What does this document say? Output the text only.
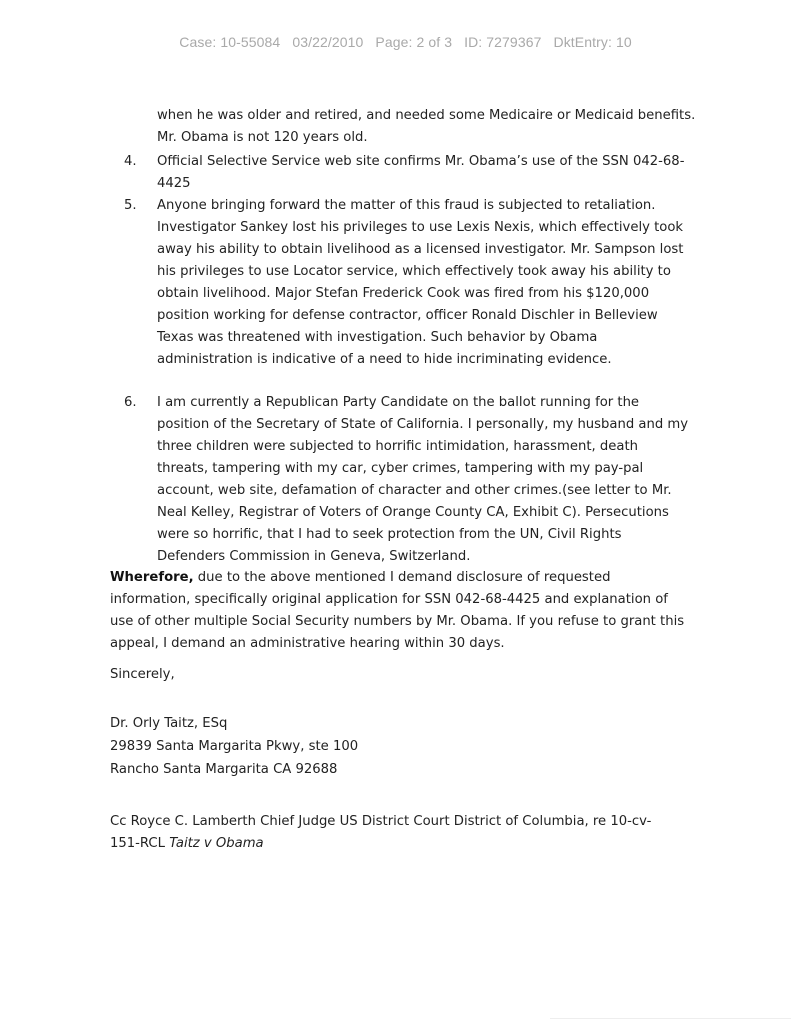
Case: 10-55084 03/22/2010 Page: 2 of 3 ID: 7279367 DktEntry: 10
when he was older and retired, and needed some Medicaire or Medicaid benefits. Mr. Obama is not 120 years old.
4.	Official Selective Service web site confirms Mr. Obama’s use of the SSN 042-68-4425
5.	Anyone bringing forward the matter of this fraud is subjected to retaliation. Investigator Sankey lost his privileges to use Lexis Nexis, which effectively took away his ability to obtain livelihood as a licensed investigator. Mr. Sampson lost his privileges to use Locator service, which effectively took away his ability to obtain livelihood. Major Stefan Frederick Cook was fired from his $120,000 position working for defense contractor, officer Ronald Dischler in Belleview Texas was threatened with investigation. Such behavior by Obama administration is indicative of a need to hide incriminating evidence.
6.	I am currently a Republican Party Candidate on the ballot running for the position of the Secretary of State of California. I personally, my husband and my three children were subjected to horrific intimidation, harassment, death threats, tampering with my car, cyber crimes, tampering with my pay-pal account, web site, defamation of character and other crimes.(see letter to Mr. Neal Kelley, Registrar of Voters of Orange County CA, Exhibit C). Persecutions were so horrific, that I had to seek protection from the UN, Civil Rights Defenders Commission in Geneva, Switzerland.
Wherefore, due to the above mentioned I demand disclosure of requested information, specifically original application for SSN 042-68-4425 and explanation of use of other multiple Social Security numbers by Mr. Obama. If you refuse to grant this appeal, I demand an administrative hearing within 30 days.
Sincerely,
Dr. Orly Taitz, ESq
29839 Santa Margarita Pkwy, ste 100
Rancho Santa Margarita CA 92688
Cc Royce C. Lamberth Chief Judge US District Court District of Columbia, re 10-cv-151-RCL Taitz v Obama
